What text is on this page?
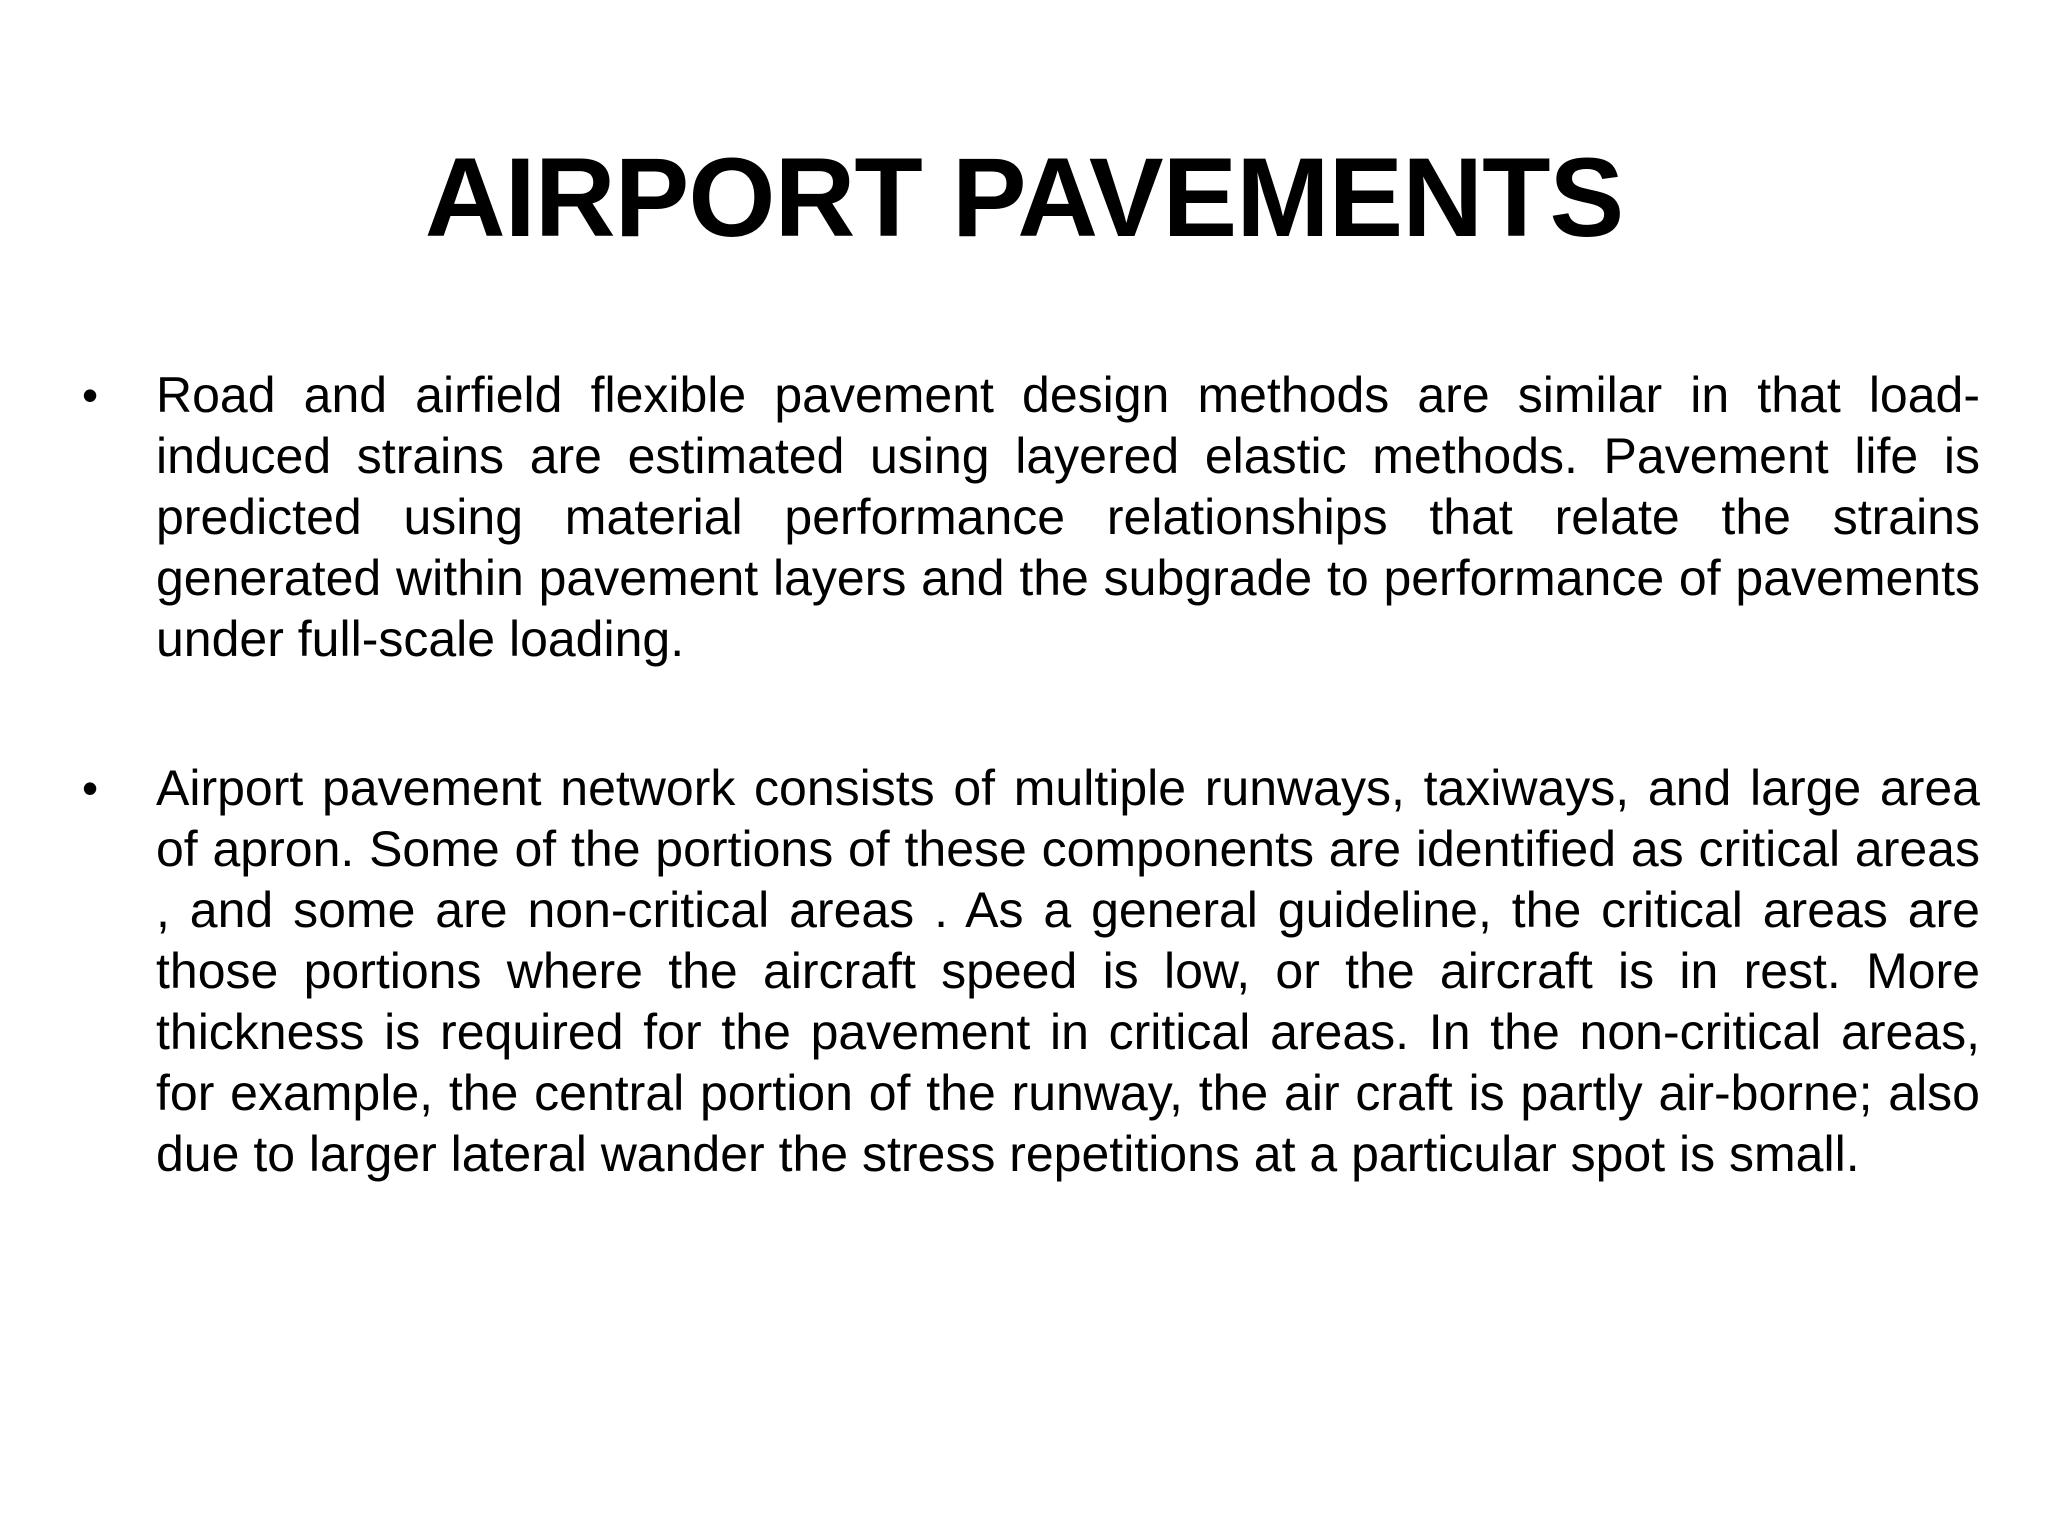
AIRPORT PAVEMENTS
• Road and airfield flexible pavement design methods are similar in that load-induced strains are estimated using layered elastic methods. Pavement life is predicted using material performance relationships that relate the strains generated within pavement layers and the subgrade to performance of pavements under full-scale loading.
• Airport pavement network consists of multiple runways, taxiways, and large area of apron. Some of the portions of these components are identified as critical areas , and some are non-critical areas . As a general guideline, the critical areas are those portions where the aircraft speed is low, or the aircraft is in rest. More thickness is required for the pavement in critical areas. In the non-critical areas, for example, the central portion of the runway, the air craft is partly air-borne; also due to larger lateral wander the stress repetitions at a particular spot is small.
